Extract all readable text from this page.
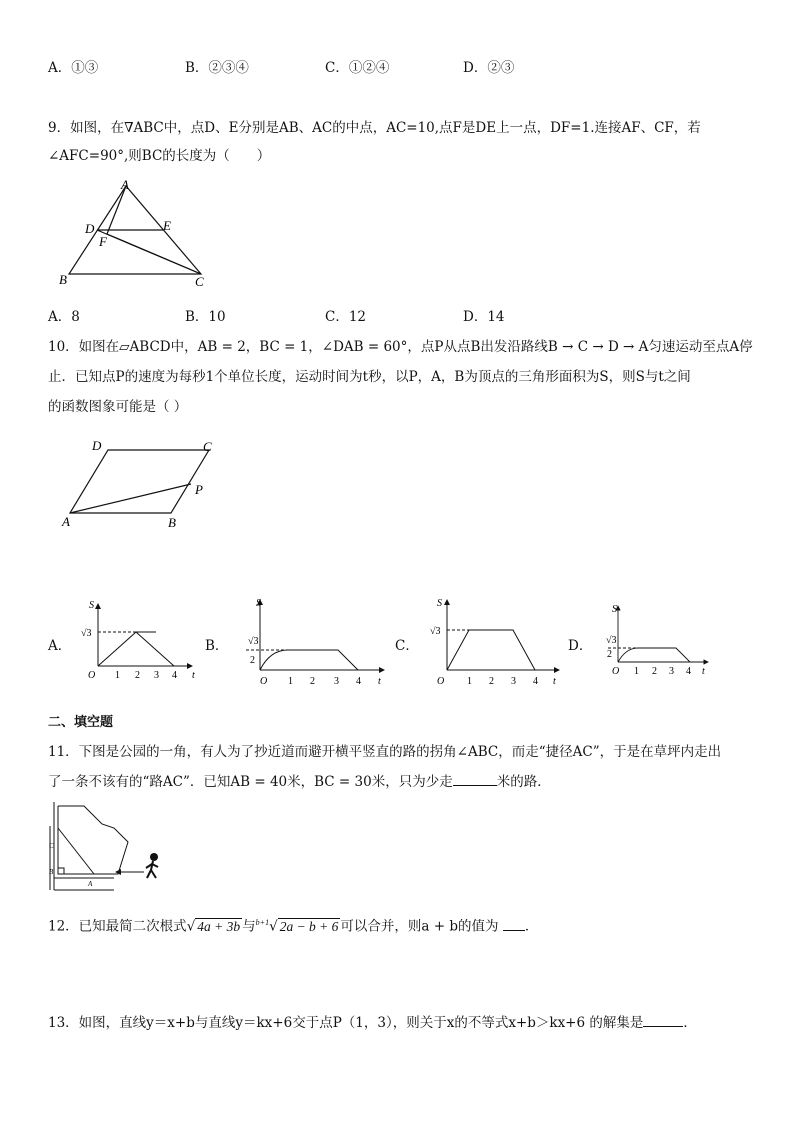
A．①③	B．②③④	C．①②④	D．②③
9．如图，在∇ABC中，点D、E分别是AB、AC的中点，AC=10,点F是DE上一点，DF=1.连接AF、CF，若
∠AFC=90°,则BC的长度为（　　）
A
D	E
F
B	C
A．8	B．10	C．12	D．14
10．如图在▱ABCD中，AB = 2，BC = 1，∠DAB = 60°，点P从点B出发沿路线B → C → D → A匀速运动至点A停
止．已知点P的速度为每秒1个单位长度，运动时间为t秒，以P，A，B为顶点的三角形面积为S，则S与t之间
的函数图象可能是（ ）
D	C
P
A	B
A．
S
t
O
√3
1 2 3 4
B．
S
t
O
√3
2
1 2 3 4
C．
S
t
O
√3
1 2 3 4
D．
S
t
O
√3
2
1 2 3 4
二、填空题
11．下图是公园的一角，有人为了抄近道而避开横平竖直的路的拐角∠ABC，而走“捷径AC”，于是在草坪内走出
了一条不该有的“路AC”．已知AB = 40米，BC = 30米，只为少走	米的路．
C
B
A
12．已知最简二次根式√ 4a + 3b 与$^{b+1}$√ 2a − b + 6 可以合并，则a + b的值为 ．
13．如图，直线y＝x+b与直线y＝kx+6交于点P（1，3），则关于x的不等式x+b＞kx+6 的解集是	．
